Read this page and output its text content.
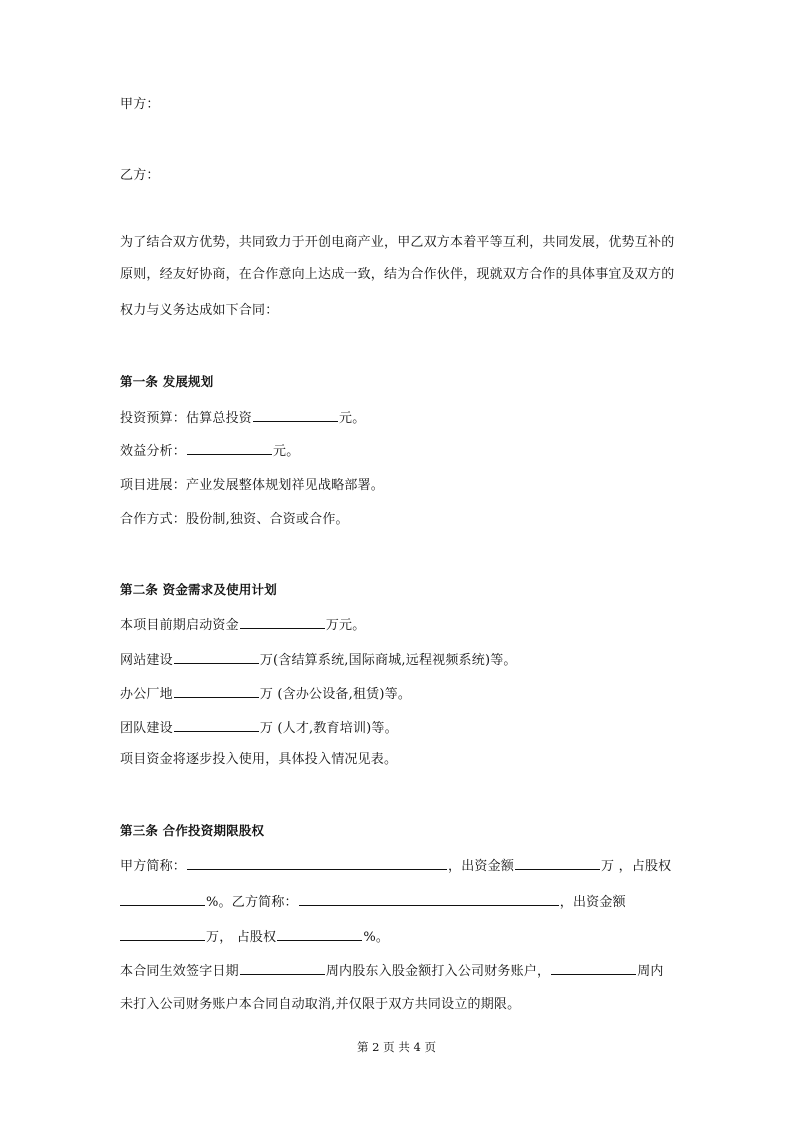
甲方：
乙方：
为了结合双方优势，共同致力于开创电商产业，甲乙双方本着平等互利，共同发展，优势互补的
原则，经友好协商，在合作意向上达成一致，结为合作伙伴，现就双方合作的具体事宜及双方的
权力与义务达成如下合同：
第一条 发展规划
投资预算：估算总投资	元。
效益分析：	元。
项目进展：产业发展整体规划祥见战略部署。
合作方式：股份制,独资、合资或合作。
第二条 资金需求及使用计划
本项目前期启动资金	万元。
网站建设	万(含结算系统,国际商城,远程视频系统)等。
办公厂地	万 (含办公设备,租赁)等。
团队建设	万 (人才,教育培训)等。
项目资金将逐步投入使用，具体投入情况见表。
第三条 合作投资期限股权
甲方简称：	，出资金额	万 ，占股权
%。乙方简称：	，出资金额
万， 占股权	%。
本合同生效签字日期	周内股东入股金额打入公司财务账户，	周内
未打入公司财务账户本合同自动取消,并仅限于双方共同设立的期限。
第 2 页 共 4 页
